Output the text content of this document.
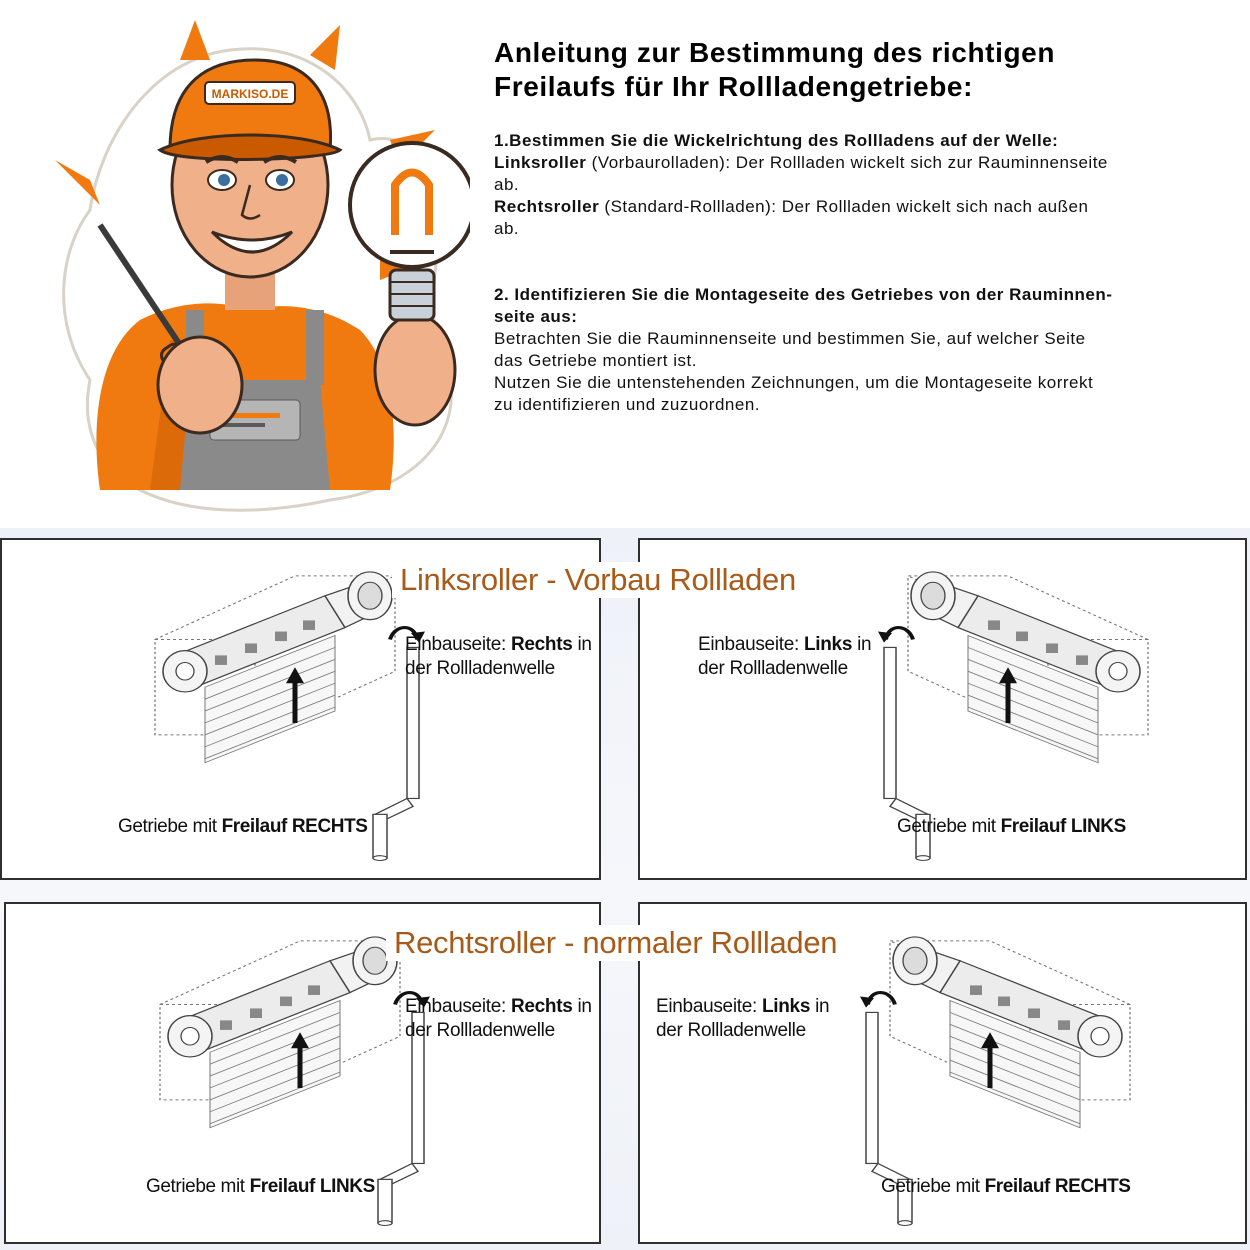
MARKISO.DE
Anleitung zur Bestimmung des richtigen
Freilaufs für Ihr Rollladengetriebe:

1.Bestimmen Sie die Wickelrichtung des Rollladens auf der Welle:
Linksroller (Vorbaurolladen): Der Rollladen wickelt sich zur Rauminnenseite
ab.
Rechtsroller (Standard-Rollladen): Der Rollladen wickelt sich nach außen
ab.

2. Identifizieren Sie die Montageseite des Getriebes von der Rauminnen-
seite aus:
Betrachten Sie die Rauminnenseite und bestimmen Sie, auf welcher Seite
das Getriebe montiert ist.
Nutzen Sie die untenstehenden Zeichnungen, um die Montageseite korrekt
zu identifizieren und zuzuordnen.

Linksroller - Vorbau Rollladen
Rechtsroller - normaler Rollladen
Einbauseite: Rechts in
der Rollladenwelle
Einbauseite: Links in
der Rollladenwelle
Einbauseite: Rechts in
der Rollladenwelle
Einbauseite: Links in
der Rollladenwelle
Getriebe mit Freilauf RECHTS	Getriebe mit Freilauf LINKS
Getriebe mit Freilauf LINKS	Getriebe mit Freilauf RECHTS
